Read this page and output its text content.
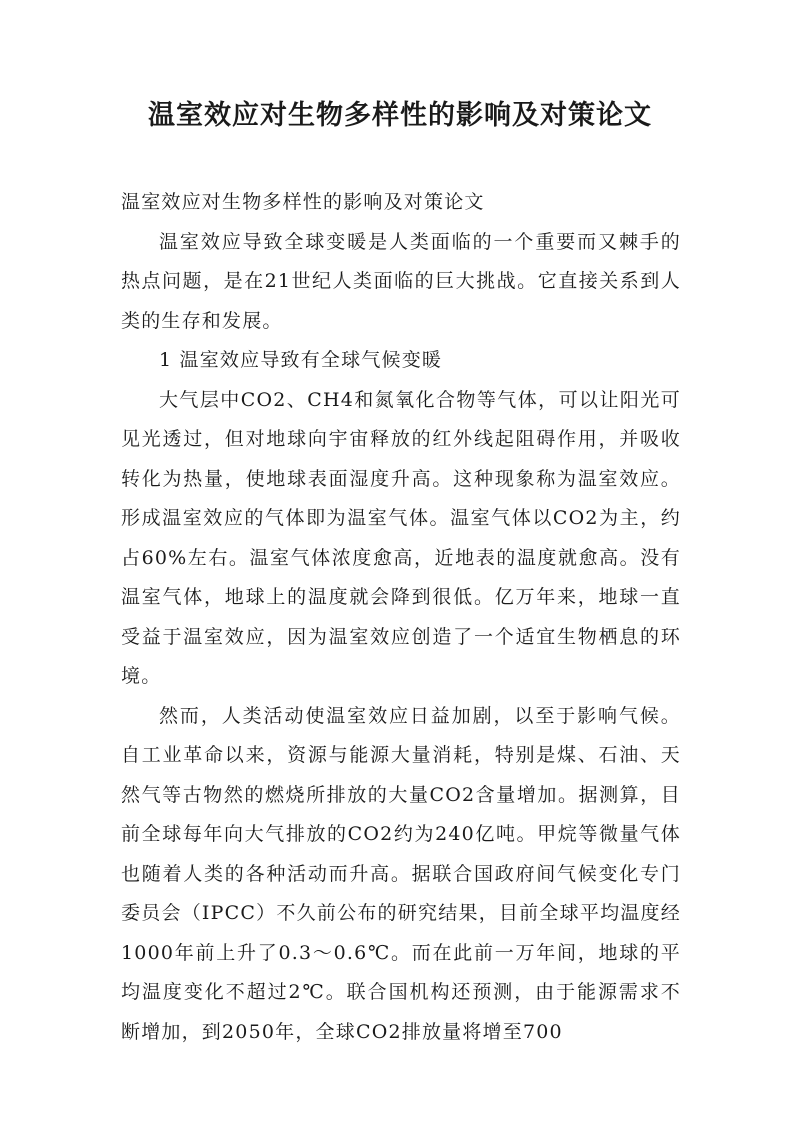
温室效应对生物多样性的影响及对策论文

温室效应对生物多样性的影响及对策论文

温室效应导致全球变暖是人类面临的一个重要而又棘手的热点问题，是在21世纪人类面临的巨大挑战。它直接关系到人类的生存和发展。

1 温室效应导致有全球气候变暖

大气层中CO2、CH4和氮氧化合物等气体，可以让阳光可见光透过，但对地球向宇宙释放的红外线起阻碍作用，并吸收转化为热量，使地球表面湿度升高。这种现象称为温室效应。形成温室效应的气体即为温室气体。温室气体以CO2为主，约占60%左右。温室气体浓度愈高，近地表的温度就愈高。没有温室气体，地球上的温度就会降到很低。亿万年来，地球一直受益于温室效应，因为温室效应创造了一个适宜生物栖息的环境。

然而，人类活动使温室效应日益加剧，以至于影响气候。自工业革命以来，资源与能源大量消耗，特别是煤、石油、天然气等古物然的燃烧所排放的大量CO2含量增加。据测算，目前全球每年向大气排放的CO2约为240亿吨。甲烷等微量气体也随着人类的各种活动而升高。据联合国政府间气候变化专门委员会（IPCC）不久前公布的研究结果，目前全球平均温度经1000年前上升了0.3～0.6℃。而在此前一万年间，地球的平均温度变化不超过2℃。联合国机构还预测，由于能源需求不断增加，到2050年，全球CO2排放量将增至700
